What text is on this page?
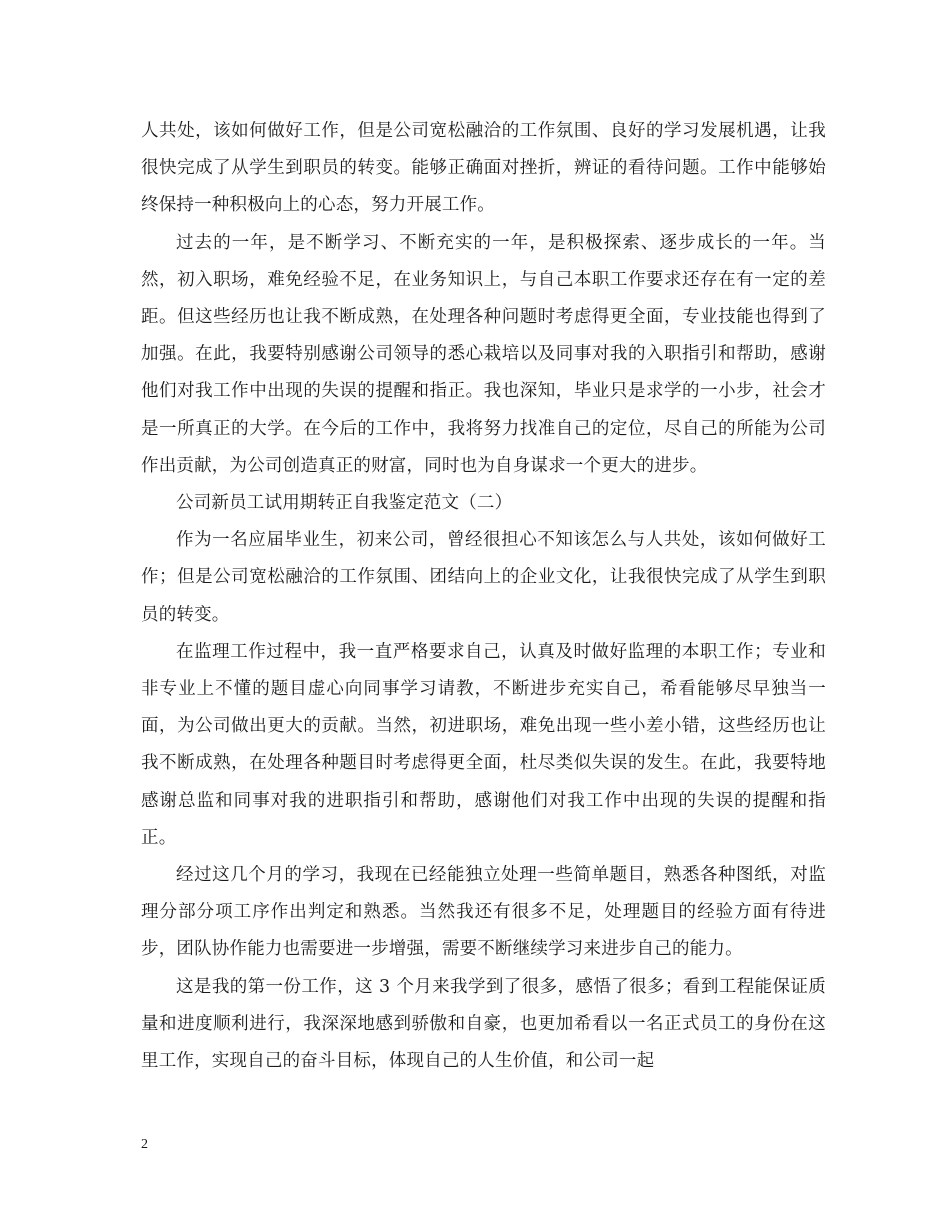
人共处，该如何做好工作，但是公司宽松融洽的工作氛围、良好的学习发展机遇，让我很快完成了从学生到职员的转变。能够正确面对挫折，辨证的看待问题。工作中能够始终保持一种积极向上的心态，努力开展工作。

过去的一年，是不断学习、不断充实的一年，是积极探索、逐步成长的一年。当然，初入职场，难免经验不足，在业务知识上，与自己本职工作要求还存在有一定的差距。但这些经历也让我不断成熟，在处理各种问题时考虑得更全面，专业技能也得到了加强。在此，我要特别感谢公司领导的悉心栽培以及同事对我的入职指引和帮助，感谢他们对我工作中出现的失误的提醒和指正。我也深知，毕业只是求学的一小步，社会才是一所真正的大学。在今后的工作中，我将努力找准自己的定位，尽自己的所能为公司作出贡献，为公司创造真正的财富，同时也为自身谋求一个更大的进步。

公司新员工试用期转正自我鉴定范文（二）

作为一名应届毕业生，初来公司，曾经很担心不知该怎么与人共处，该如何做好工作；但是公司宽松融洽的工作氛围、团结向上的企业文化，让我很快完成了从学生到职员的转变。

在监理工作过程中，我一直严格要求自己，认真及时做好监理的本职工作；专业和非专业上不懂的题目虚心向同事学习请教，不断进步充实自己，希看能够尽早独当一面，为公司做出更大的贡献。当然，初进职场，难免出现一些小差小错，这些经历也让我不断成熟，在处理各种题目时考虑得更全面，杜尽类似失误的发生。在此，我要特地感谢总监和同事对我的进职指引和帮助，感谢他们对我工作中出现的失误的提醒和指正。

经过这几个月的学习，我现在已经能独立处理一些简单题目，熟悉各种图纸，对监理分部分项工序作出判定和熟悉。当然我还有很多不足，处理题目的经验方面有待进步，团队协作能力也需要进一步增强，需要不断继续学习来进步自己的能力。

这是我的第一份工作，这 3 个月来我学到了很多，感悟了很多；看到工程能保证质量和进度顺利进行，我深深地感到骄傲和自豪，也更加希看以一名正式员工的身份在这里工作，实现自己的奋斗目标，体现自己的人生价值，和公司一起

2
